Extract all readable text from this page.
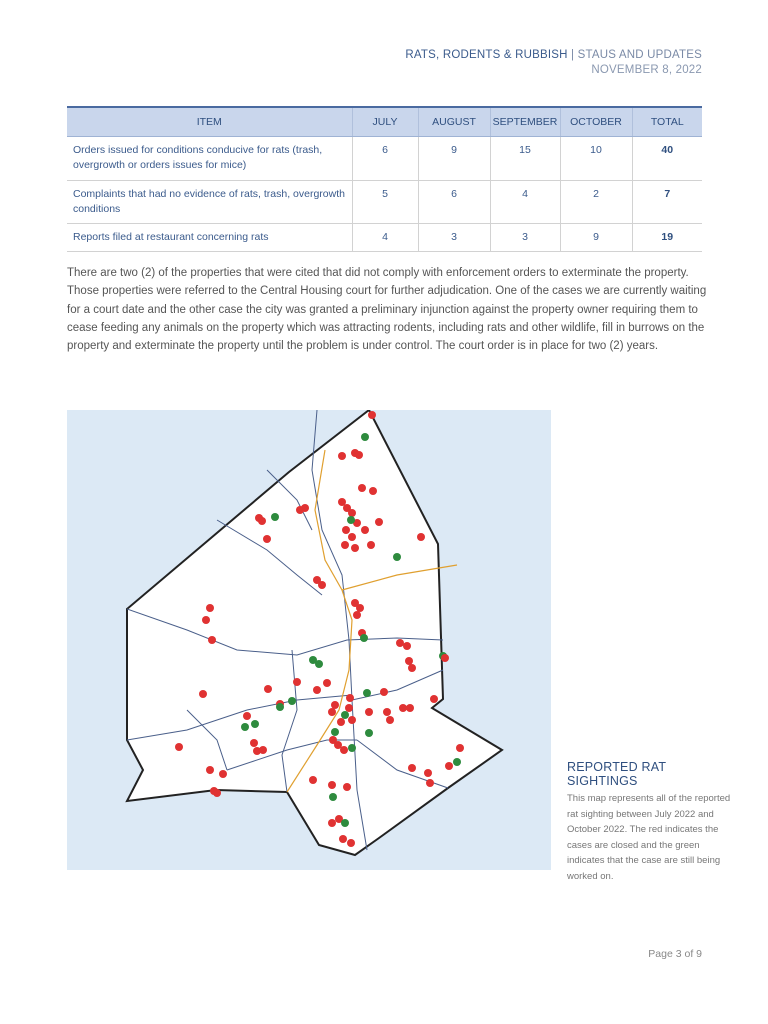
RATS, RODENTS & RUBBISH | STAUS AND UPDATES
NOVEMBER 8, 2022
ITEM	JULY	AUGUST	SEPTEMBER	OCTOBER	TOTAL
Orders issued for conditions conducive for rats (trash, overgrowth or orders issues for mice)	6	9	15	10	40
Complaints that had no evidence of rats, trash, overgrowth conditions	5	6	4	2	7
Reports filed at restaurant concerning rats	4	3	3	9	19
There are two (2) of the properties that were cited that did not comply with enforcement orders to exterminate the property. Those properties were referred to the Central Housing court for further adjudication. One of the cases we are currently waiting for a court date and the other case the city was granted a preliminary injunction against the property owner requiring them to cease feeding any animals on the property which was attracting rodents, including rats and other wildlife, fill in burrows on the property and exterminate the property until the problem is under control. The court order is in place for two (2) years.
REPORTED RAT SIGHTINGS
This map represents all of the reported rat sighting between July 2022 and October 2022. The red indicates the cases are closed and the green indicates that the case are still being worked on.
Page 3 of 9
